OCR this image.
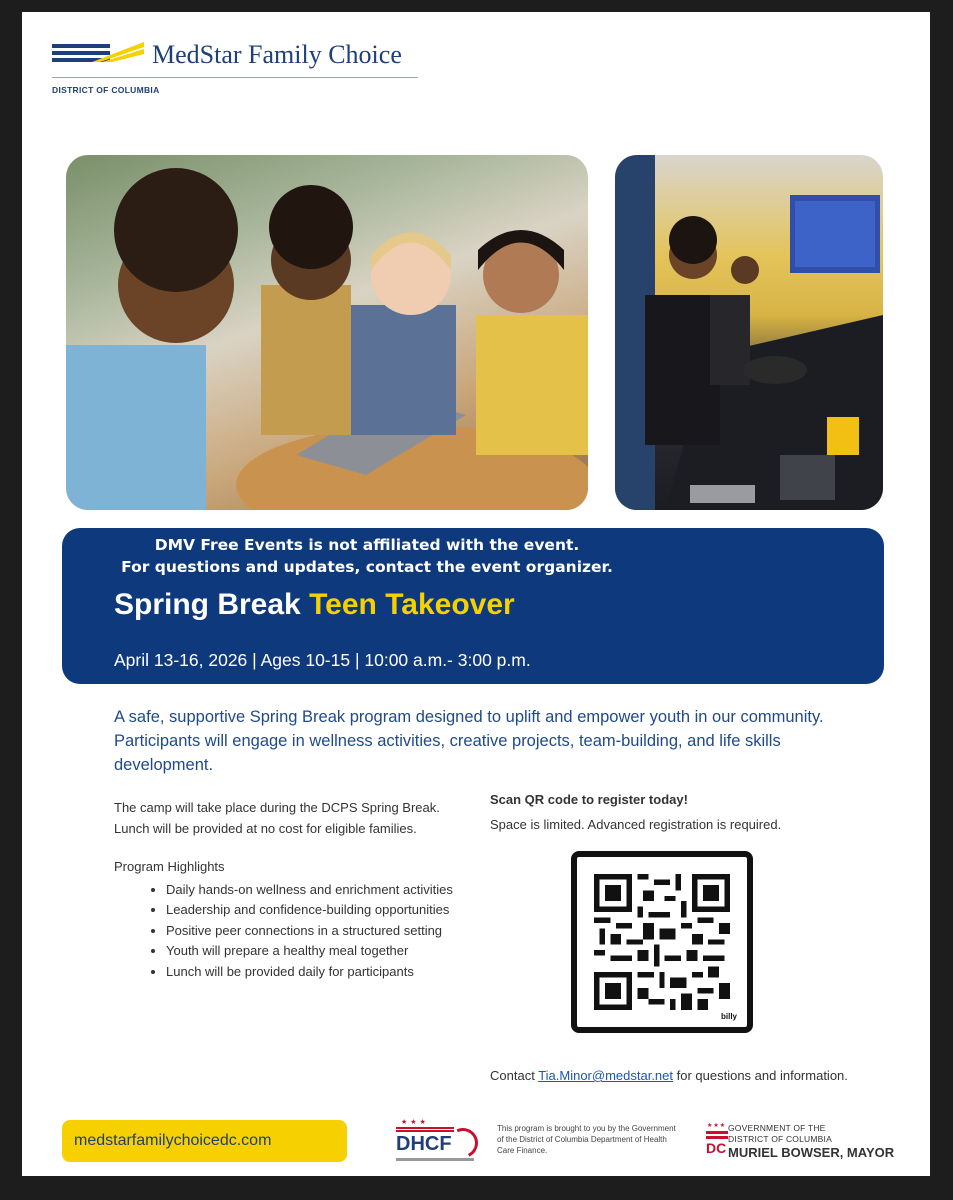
MedStar Family Choice
DISTRICT OF COLUMBIA
DMV Free Events is not affiliated with the event.
For questions and updates, contact the event organizer.
Spring Break Teen Takeover
April 13-16, 2026 | Ages 10-15 | 10:00 a.m.- 3:00 p.m.
A safe, supportive Spring Break program designed to uplift and empower youth in our community. Participants will engage in wellness activities, creative projects, team-building, and life skills development.
The camp will take place during the DCPS Spring Break. Lunch will be provided at no cost for eligible families.
Program Highlights
• Daily hands-on wellness and enrichment activities
• Leadership and confidence-building opportunities
• Positive peer connections in a structured setting
• Youth will prepare a healthy meal together
• Lunch will be provided daily for participants
Scan QR code to register today!
Space is limited. Advanced registration is required.
billy
Contact Tia.Minor@medstar.net for questions and information.
medstarfamilychoicedc.com
★★★
DHCF
This program is brought to you by the Government of the District of Columbia Department of Health Care Finance.
★★★
DC
GOVERNMENT OF THE
DISTRICT OF COLUMBIA
MURIEL BOWSER, MAYOR
